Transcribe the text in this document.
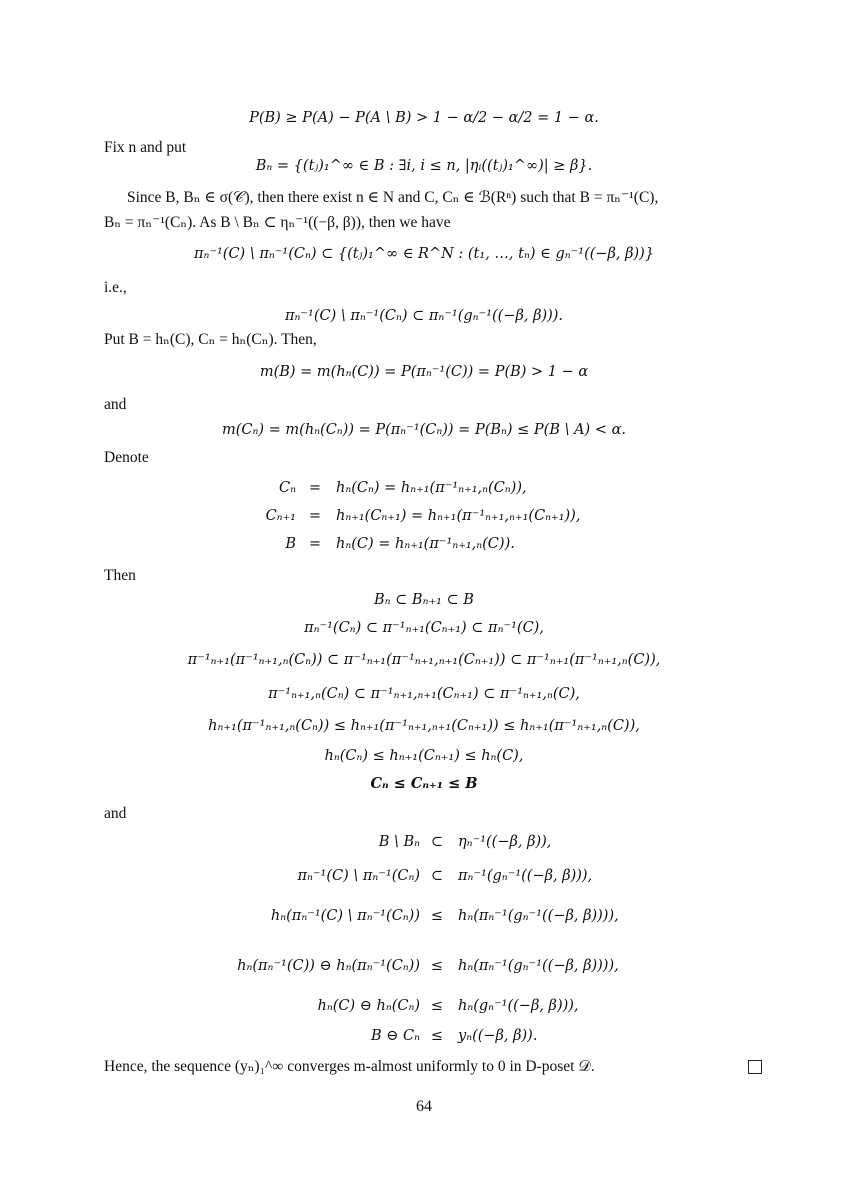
P(B) ≥ P(A) − P(A \ B) > 1 − α/2 − α/2 = 1 − α.
Fix n and put
Bₙ = {(tⱼ)₁^∞ ∈ B : ∃i, i ≤ n, |ηᵢ((tⱼ)₁^∞)| ≥ β}.
Since B, Bₙ ∈ σ(𝒞), then there exist n ∈ N and C, Cₙ ∈ ℬ(Rⁿ) such that B = πₙ⁻¹(C),
Bₙ = πₙ⁻¹(Cₙ). As B \ Bₙ ⊂ ηₙ⁻¹((−β, β)), then we have
πₙ⁻¹(C) \ πₙ⁻¹(Cₙ) ⊂ {(tⱼ)₁^∞ ∈ R^N : (t₁, …, tₙ) ∈ gₙ⁻¹((−β, β))}
i.e.,
πₙ⁻¹(C) \ πₙ⁻¹(Cₙ) ⊂ πₙ⁻¹(gₙ⁻¹((−β, β))).
Put B = hₙ(C), Cₙ = hₙ(Cₙ). Then,
m(B) = m(hₙ(C)) = P(πₙ⁻¹(C)) = P(B) > 1 − α
and
m(Cₙ) = m(hₙ(Cₙ)) = P(πₙ⁻¹(Cₙ)) = P(Bₙ) ≤ P(B \ A) < α.
Denote
Cₙ =	hₙ(Cₙ) = hₙ₊₁(π⁻¹ₙ₊₁,ₙ(Cₙ)),
Cₙ₊₁ =	hₙ₊₁(Cₙ₊₁) = hₙ₊₁(π⁻¹ₙ₊₁,ₙ₊₁(Cₙ₊₁)),
B =	hₙ(C) = hₙ₊₁(π⁻¹ₙ₊₁,ₙ(C)).
Then
Bₙ ⊂ Bₙ₊₁ ⊂ B
πₙ⁻¹(Cₙ) ⊂ π⁻¹ₙ₊₁(Cₙ₊₁) ⊂ πₙ⁻¹(C),
π⁻¹ₙ₊₁(π⁻¹ₙ₊₁,ₙ(Cₙ)) ⊂ π⁻¹ₙ₊₁(π⁻¹ₙ₊₁,ₙ₊₁(Cₙ₊₁)) ⊂ π⁻¹ₙ₊₁(π⁻¹ₙ₊₁,ₙ(C)),
π⁻¹ₙ₊₁,ₙ(Cₙ) ⊂ π⁻¹ₙ₊₁,ₙ₊₁(Cₙ₊₁) ⊂ π⁻¹ₙ₊₁,ₙ(C),
hₙ₊₁(π⁻¹ₙ₊₁,ₙ(Cₙ)) ≤ hₙ₊₁(π⁻¹ₙ₊₁,ₙ₊₁(Cₙ₊₁)) ≤ hₙ₊₁(π⁻¹ₙ₊₁,ₙ(C)),
hₙ(Cₙ) ≤ hₙ₊₁(Cₙ₊₁) ≤ hₙ(C),
Cₙ ≤ Cₙ₊₁ ≤ B
and
B \ Bₙ ⊂	ηₙ⁻¹((−β, β)),
πₙ⁻¹(C) \ πₙ⁻¹(Cₙ) ⊂	πₙ⁻¹(gₙ⁻¹((−β, β))),
hₙ(πₙ⁻¹(C) \ πₙ⁻¹(Cₙ)) ≤	hₙ(πₙ⁻¹(gₙ⁻¹((−β, β)))),
hₙ(πₙ⁻¹(C)) ⊖ hₙ(πₙ⁻¹(Cₙ)) ≤	hₙ(πₙ⁻¹(gₙ⁻¹((−β, β)))),
hₙ(C) ⊖ hₙ(Cₙ) ≤	hₙ(gₙ⁻¹((−β, β))),
B ⊖ Cₙ ≤	yₙ((−β, β)).
Hence, the sequence (yₙ)₁^∞ converges m-almost uniformly to 0 in D-poset 𝒟.
64
